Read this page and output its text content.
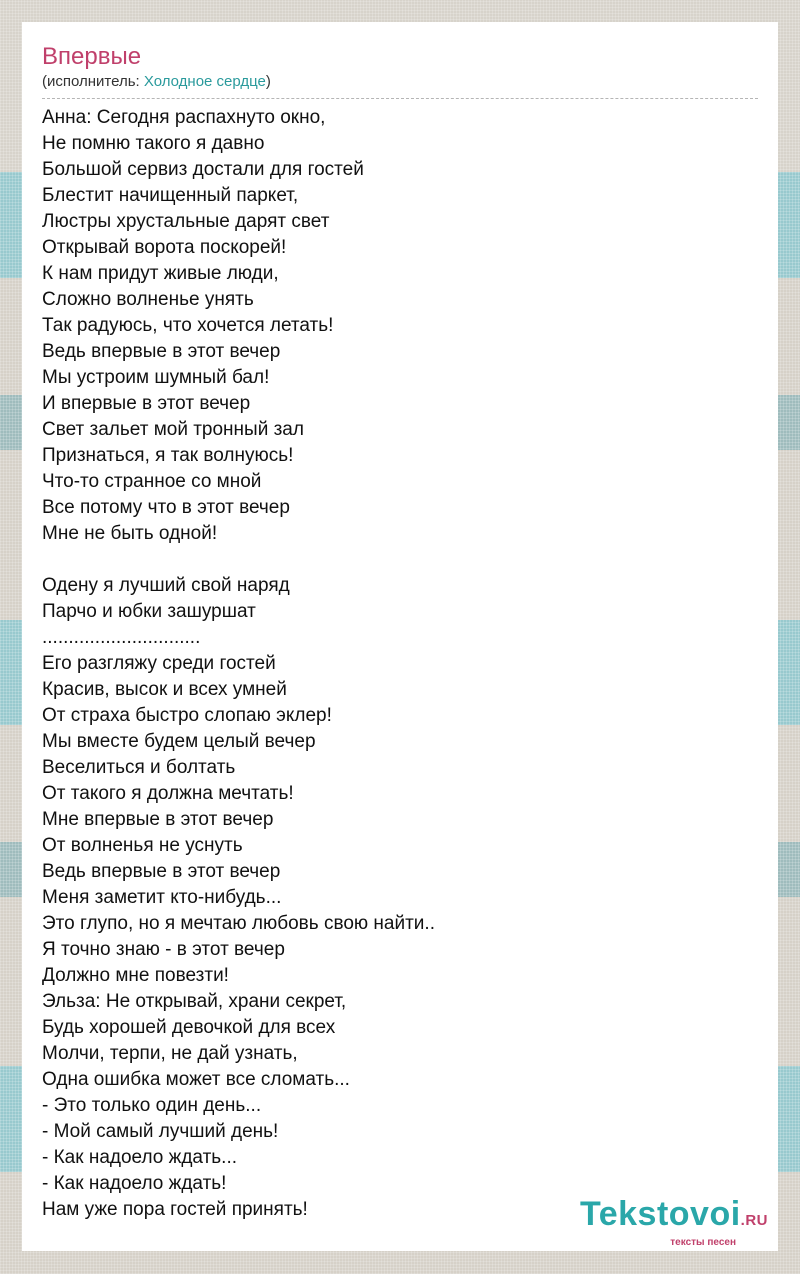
Впервые
(исполнитель: Холодное сердце)
Анна: Сегодня распахнуто окно,
Не помню такого я давно
Большой сервиз достали для гостей
Блестит начищенный паркет,
Люстры хрустальные дарят свет
Открывай ворота поскорей!
К нам придут живые люди,
Сложно волненье унять
Так радуюсь, что хочется летать!
Ведь впервые в этот вечер
Мы устроим шумный бал!
И впервые в этот вечер
Свет зальет мой тронный зал
Признаться, я так волнуюсь!
Что-то странное со мной
Все потому что в этот вечер
Мне не быть одной!
Одену я лучший свой наряд
Парчо и юбки зашуршат
..............................
Его разгляжу среди гостей
Красив, высок и всех умней
От страха быстро слопаю эклер!
Мы вместе будем целый вечер
Веселиться и болтать
От такого я должна мечтать!
Мне впервые в этот вечер
От волненья не уснуть
Ведь впервые в этот вечер
Меня заметит кто-нибудь...
Это глупо, но я мечтаю любовь свою найти..
Я точно знаю - в этот вечер
Должно мне повезти!
Эльза: Не открывай, храни секрет,
Будь хорошей девочкой для всех
Молчи, терпи, не дай узнать,
Одна ошибка может все сломать...
- Это только один день...
- Мой самый лучший день!
- Как надоело ждать...
- Как надоело ждать!
Нам уже пора гостей принять!	Tekstovoi.RU
тексты песен
